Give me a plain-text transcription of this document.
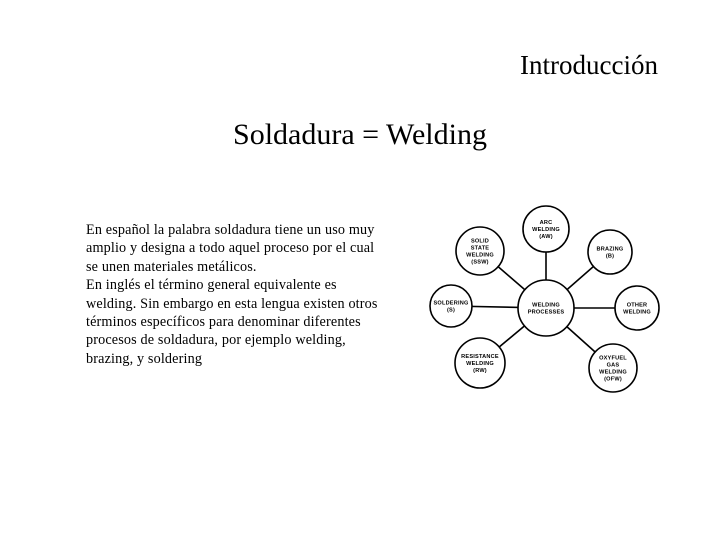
Introducción
Soldadura = Welding

En español la palabra soldadura tiene un uso muy amplio y designa a todo aquel proceso por el cual se unen materiales metálicos.

En inglés el término general equivalente es welding. Sin embargo en esta lengua existen otros términos específicos para denominar diferentes procesos de soldadura, por ejemplo welding, brazing, y soldering

WELDING
PROCESSES
ARC
WELDING
(AW)
BRAZING
(B)
OTHER
WELDING
OXYFUEL
GAS
WELDING
(OFW)
RESISTANCE
WELDING
(RW)
SOLDERING
(S)
SOLID
STATE
WELDING
(SSW)
